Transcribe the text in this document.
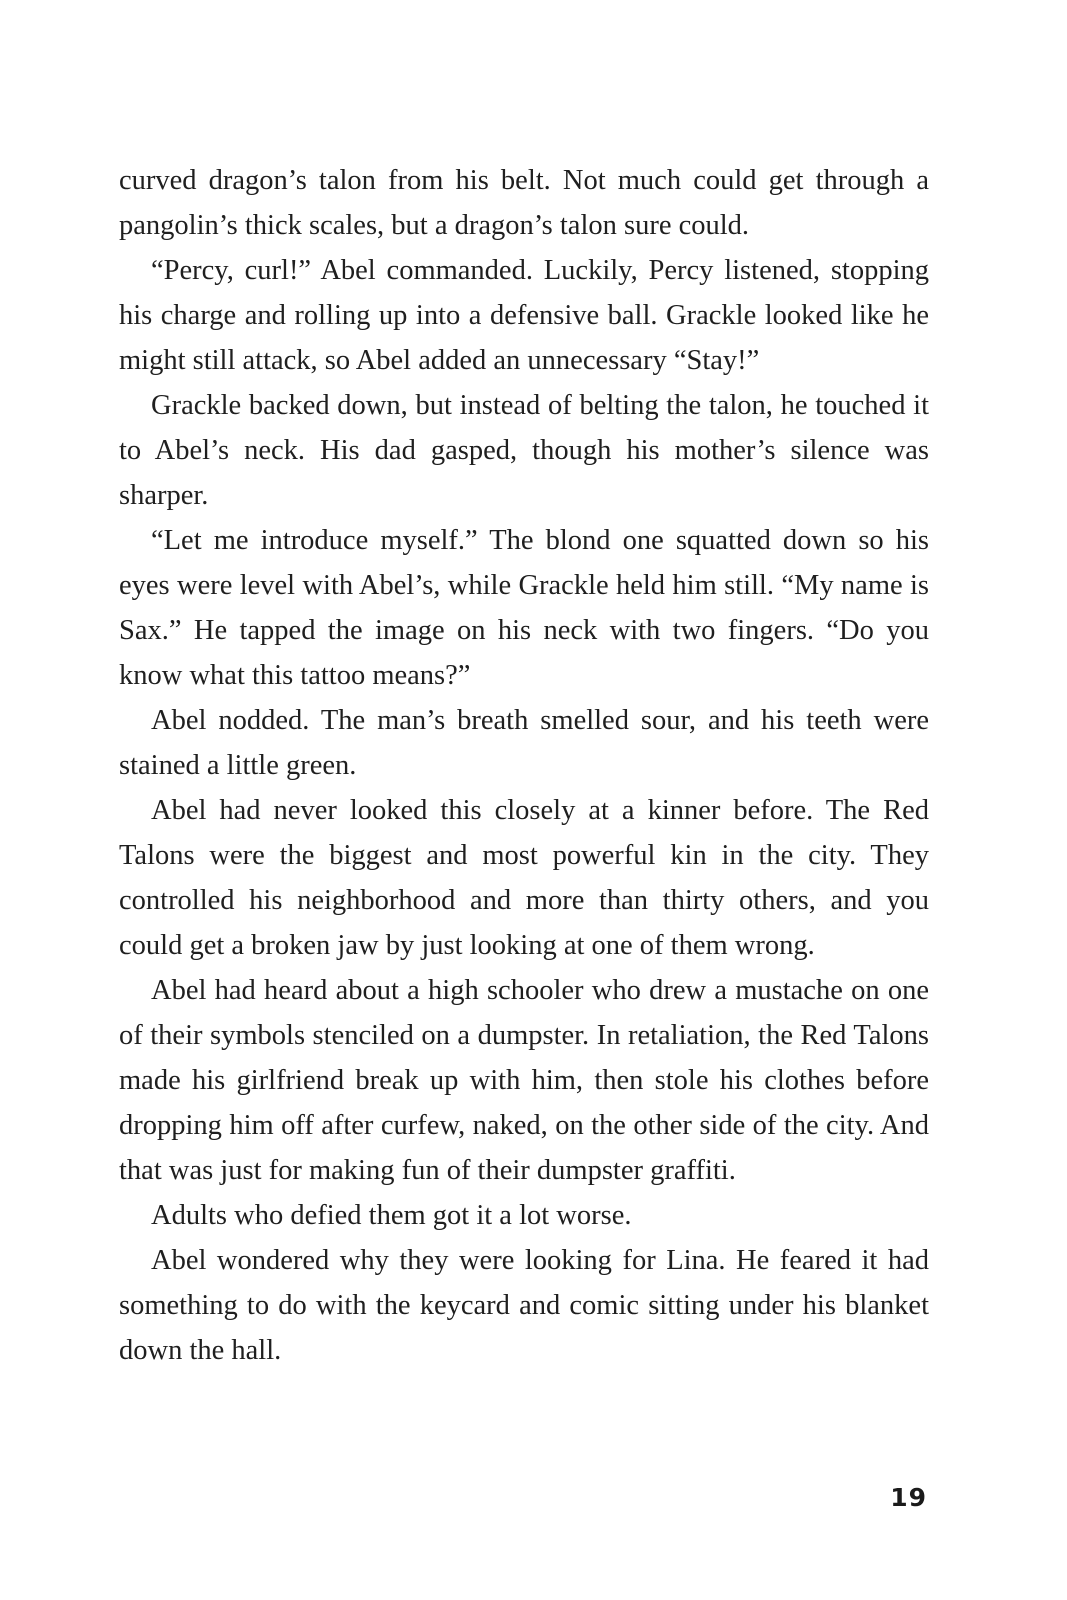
curved dragon’s talon from his belt. Not much could get through a pangolin’s thick scales, but a dragon’s talon sure could.

“Percy, curl!” Abel commanded. Luckily, Percy listened, stopping his charge and rolling up into a defensive ball. Grackle looked like he might still attack, so Abel added an unnecessary “Stay!”

Grackle backed down, but instead of belting the talon, he touched it to Abel’s neck. His dad gasped, though his mother’s silence was sharper.

“Let me introduce myself.” The blond one squatted down so his eyes were level with Abel’s, while Grackle held him still. “My name is Sax.” He tapped the image on his neck with two fingers. “Do you know what this tattoo means?”

Abel nodded. The man’s breath smelled sour, and his teeth were stained a little green.

Abel had never looked this closely at a kinner before. The Red Talons were the biggest and most powerful kin in the city. They controlled his neighborhood and more than thirty others, and you could get a broken jaw by just looking at one of them wrong.

Abel had heard about a high schooler who drew a mustache on one of their symbols stenciled on a dumpster. In retaliation, the Red Talons made his girlfriend break up with him, then stole his clothes before dropping him off after curfew, naked, on the other side of the city. And that was just for making fun of their dumpster graffiti.

Adults who defied them got it a lot worse.

Abel wondered why they were looking for Lina. He feared it had something to do with the keycard and comic sitting under his blanket down the hall.

19
